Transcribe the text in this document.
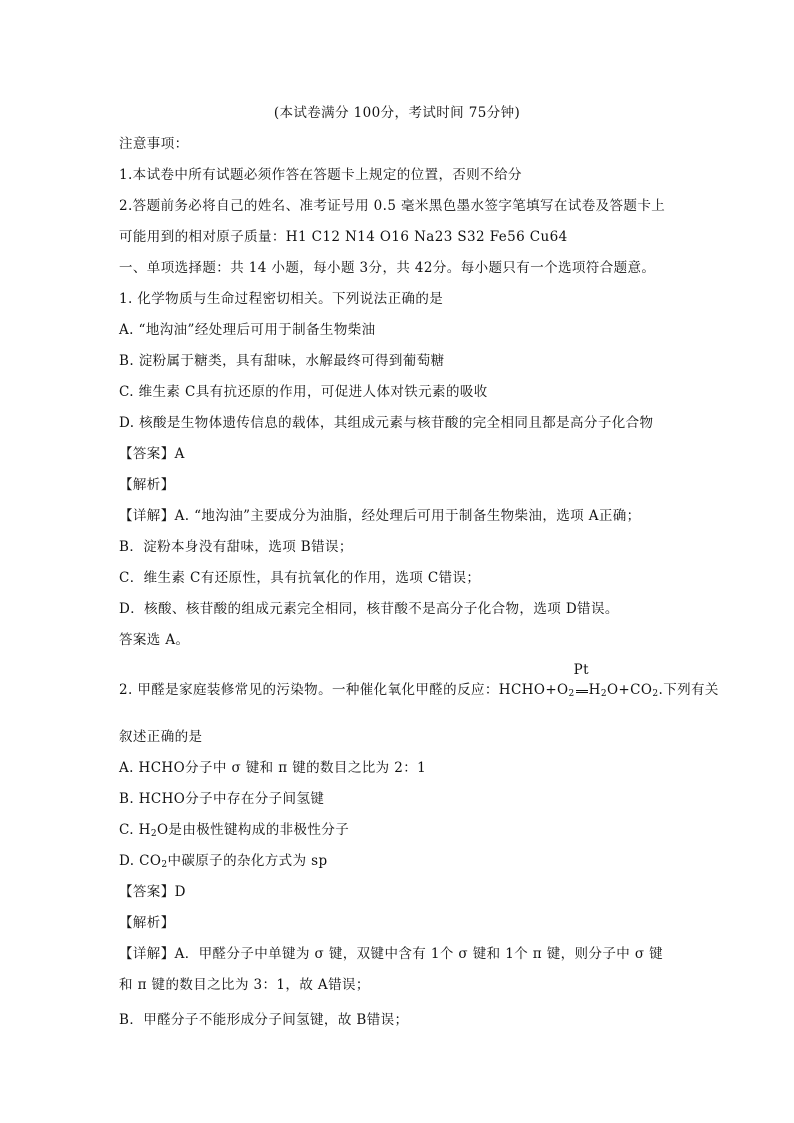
(本试卷满分 100分，考试时间 75分钟)
注意事项：
1.本试卷中所有试题必须作答在答题卡上规定的位置，否则不给分
2.答题前务必将自己的姓名、准考证号用 0.5 毫米黑色墨水签字笔填写在试卷及答题卡上
可能用到的相对原子质量：H1 C12 N14 O16 Na23 S32 Fe56 Cu64
一、单项选择题：共 14 小题，每小题 3分，共 42分。每小题只有一个选项符合题意。
1. 化学物质与生命过程密切相关。下列说法正确的是
A. “地沟油”经处理后可用于制备生物柴油
B. 淀粉属于糖类，具有甜味，水解最终可得到葡萄糖
C. 维生素 C具有抗还原的作用，可促进人体对铁元素的吸收
D. 核酸是生物体遗传信息的载体，其组成元素与核苷酸的完全相同且都是高分子化合物
【答案】A
【解析】
【详解】A. “地沟油”主要成分为油脂，经处理后可用于制备生物柴油，选项 A正确；
B．淀粉本身没有甜味，选项 B错误；
C．维生素 C有还原性，具有抗氧化的作用，选项 C错误；
D．核酸、核苷酸的组成元素完全相同，核苷酸不是高分子化合物，选项 D错误。
答案选 A。
2. 甲醛是家庭装修常见的污染物。一种催化氧化甲醛的反应：$HCHO+O_2$
Pt
$H_2O+CO_2$.下列有关
叙述正确的是
A. HCHO分子中 σ 键和 π 键的数目之比为 2：1
B. HCHO分子中存在分子间氢键
C. $H_2O$是由极性键构成的非极性分子
D. $CO_2$中碳原子的杂化方式为 sp
【答案】D
【解析】
【详解】A．甲醛分子中单键为 σ 键，双键中含有 1个 σ 键和 1个 π 键，则分子中 σ 键
和 π 键的数目之比为 3：1，故 A错误；
B．甲醛分子不能形成分子间氢键，故 B错误；
